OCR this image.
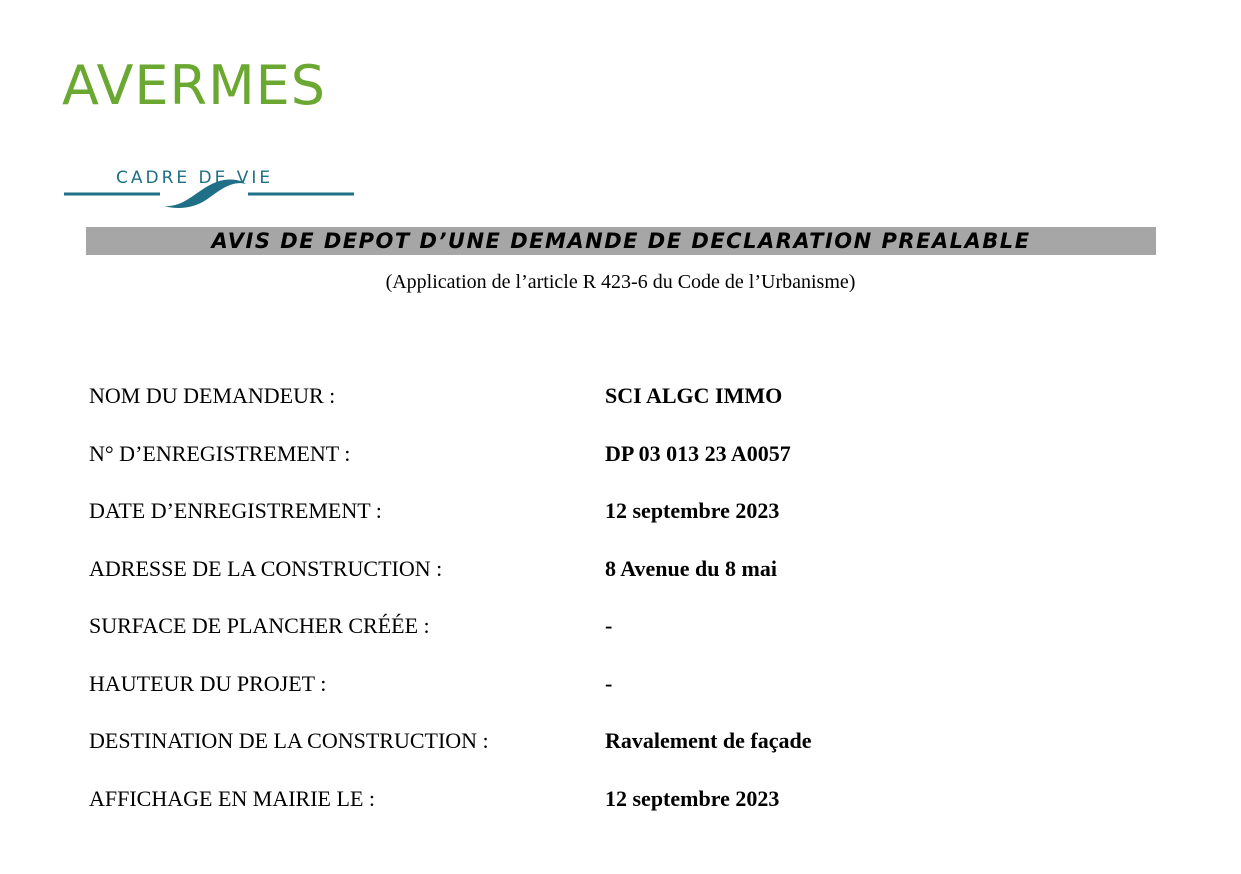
AVERMES
CADRE DE VIE
AVIS DE DEPOT D’UNE DEMANDE DE DECLARATION PREALABLE
(Application de l’article R 423-6 du Code de l’Urbanisme)
NOM DU DEMANDEUR :	SCI ALGC IMMO
N° D’ENREGISTREMENT :	DP 03 013 23 A0057
DATE D’ENREGISTREMENT :	12 septembre 2023
ADRESSE DE LA CONSTRUCTION :	8 Avenue du 8 mai
SURFACE DE PLANCHER CRÉÉE :	-
HAUTEUR DU PROJET :	-
DESTINATION DE LA CONSTRUCTION :	Ravalement de façade
AFFICHAGE EN MAIRIE LE :	12 septembre 2023
